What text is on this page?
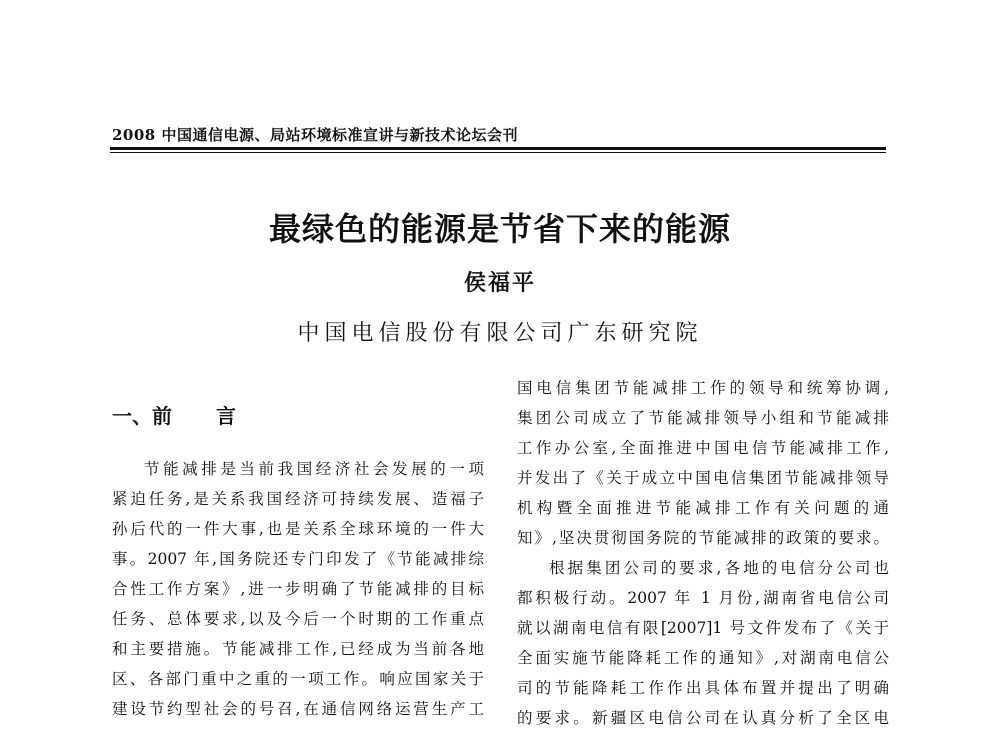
2008 中国通信电源、局站环境标准宣讲与新技术论坛会刊
最绿色的能源是节省下来的能源
侯福平
中国电信股份有限公司广东研究院
一、前 言
节能减排是当前我国经济社会发展的一项
紧迫任务,是关系我国经济可持续发展、造福子
孙后代的一件大事,也是关系全球环境的一件大
事。2007 年,国务院还专门印发了《节能减排综
合性工作方案》,进一步明确了节能减排的目标
任务、总体要求,以及今后一个时期的工作重点
和主要措施。节能减排工作,已经成为当前各地
区、各部门重中之重的一项工作。响应国家关于
建设节约型社会的号召,在通信网络运营生产工
国电信集团节能减排工作的领导和统筹协调,
集团公司成立了节能减排领导小组和节能减排
工作办公室,全面推进中国电信节能减排工作,
并发出了《关于成立中国电信集团节能减排领导
机构暨全面推进节能减排工作有关问题的通
知》,坚决贯彻国务院的节能减排的政策的要求。
根据集团公司的要求,各地的电信分公司也
都积极行动。2007 年 1 月份,湖南省电信公司
就以湖南电信有限[2007]1 号文件发布了《关于
全面实施节能降耗工作的通知》,对湖南电信公
司的节能降耗工作作出具体布置并提出了明确
的要求。新疆区电信公司在认真分析了全区电
